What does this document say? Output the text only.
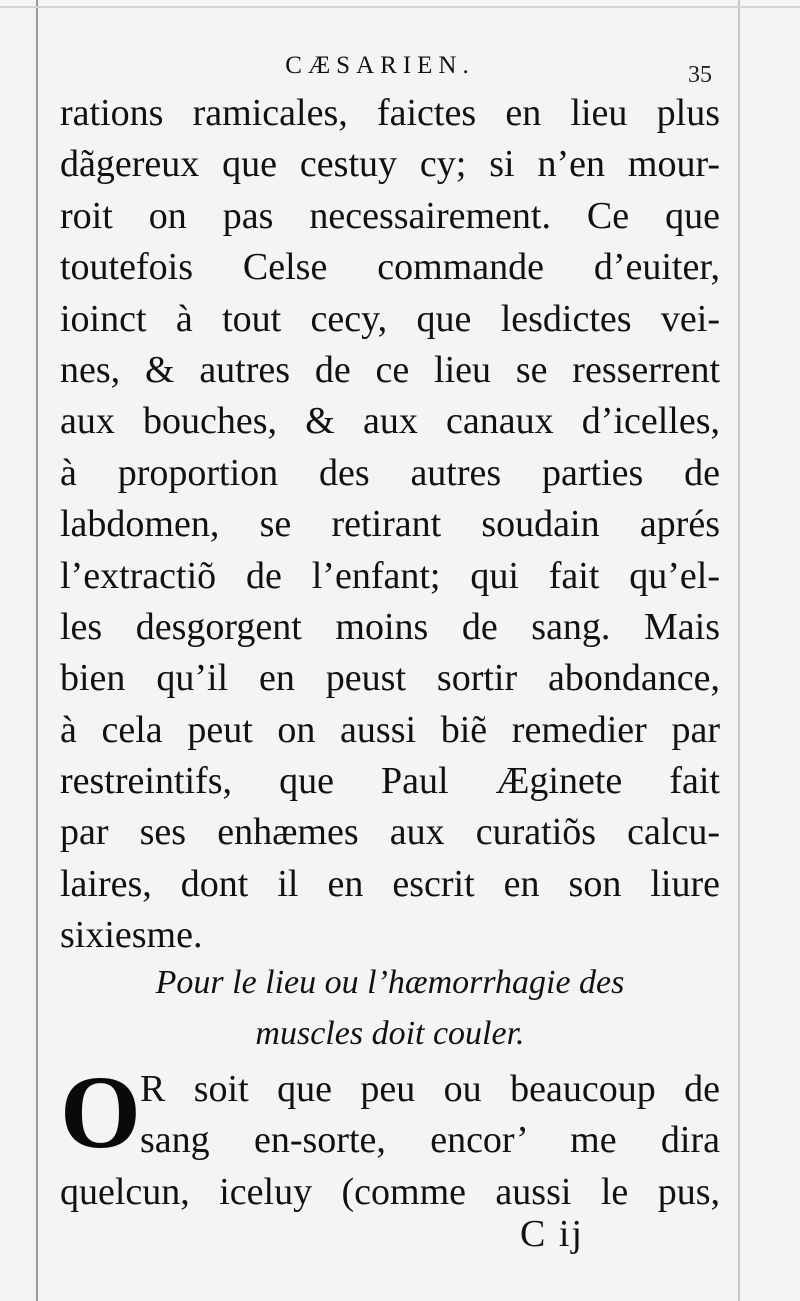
CÆSARIEN.	35
rations ramicales, faictes en lieu plus
dãgereux que cestuy cy; si n’en mour-
roit on pas necessairement. Ce que
toutefois Celse commande d’euiter,
ioinct à tout cecy, que lesdictes vei-
nes, & autres de ce lieu se resserrent
aux bouches, & aux canaux d’icelles,
à proportion des autres parties de
labdomen, se retirant soudain aprés
l’extractiõ de l’enfant; qui fait qu’el-
les desgorgent moins de sang. Mais
bien qu’il en peust sortir abondance,
à cela peut on aussi biẽ remedier par
restreintifs, que Paul Æginete fait
par ses enhæmes aux curatiõs calcu-
laires, dont il en escrit en son liure
sixiesme.
Pour le lieu ou l’hæmorrhagie des
muscles doit couler.
O R soit que peu ou beaucoup de
sang en-sorte, encor’ me dira
quelcun, iceluy (comme aussi le pus,
C ij
